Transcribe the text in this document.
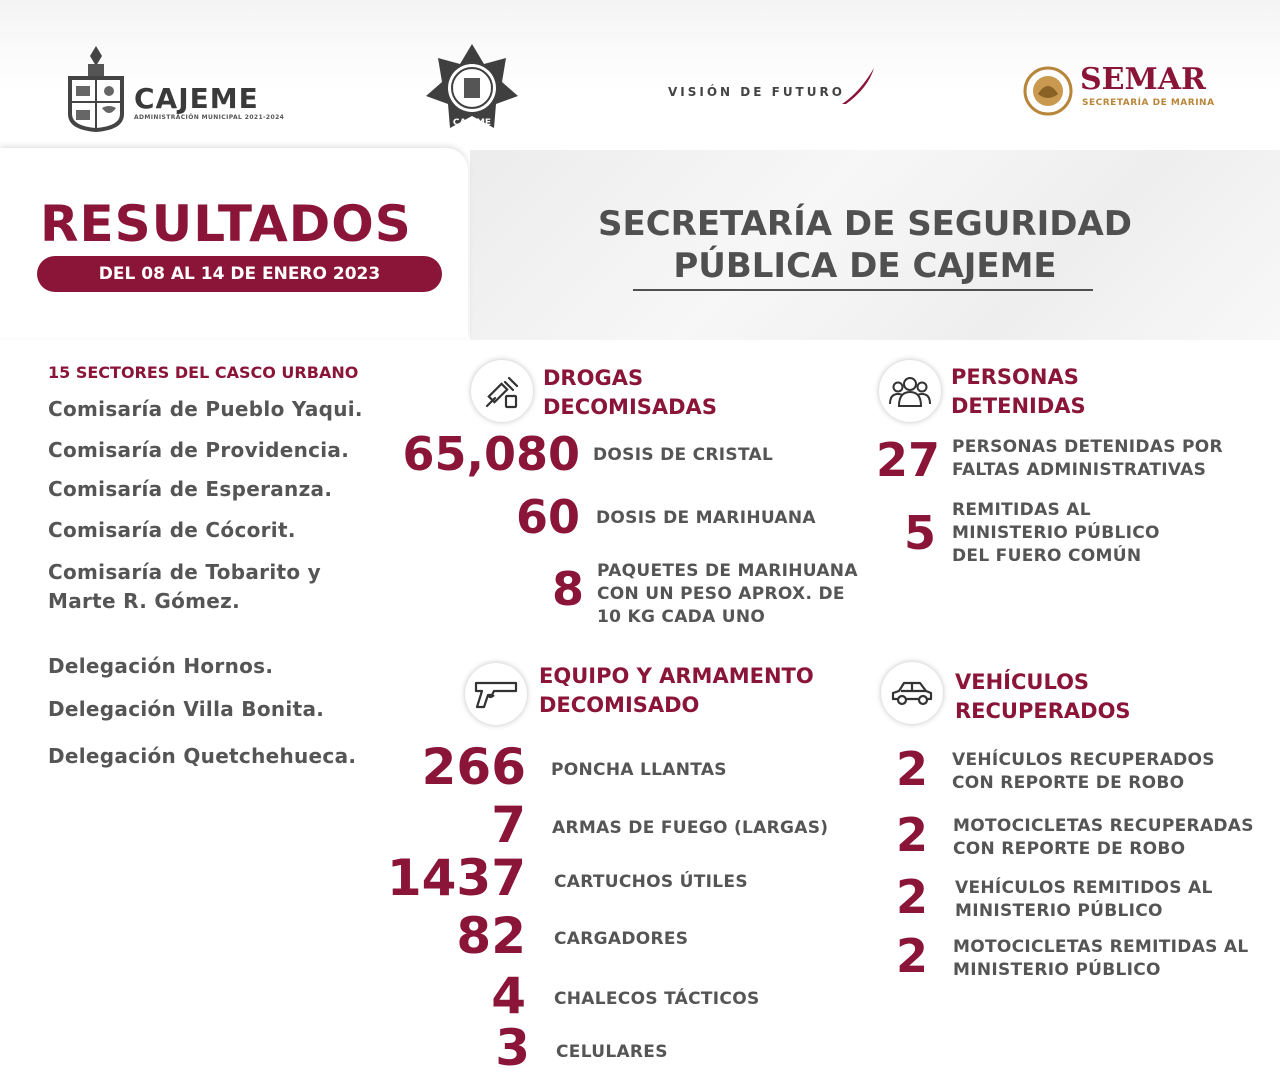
CAJEME
ADMINISTRACIÓN MUNICIPAL 2021-2024
CAJEME
VISIÓN DE FUTURO	SEMAR
SECRETARÍA DE MARINA
RESULTADOS
DEL 08 AL 14 DE ENERO 2023
SECRETARÍA DE SEGURIDAD
PÚBLICA DE CAJEME
15 SECTORES DEL CASCO URBANO
Comisaría de Pueblo Yaqui.
Comisaría de Providencia.
Comisaría de Esperanza.
Comisaría de Cócorit.
Comisaría de Tobarito y
Marte R. Gómez.
Delegación Hornos.
Delegación Villa Bonita.
Delegación Quetchehueca.
DROGAS
DECOMISADAS
65,080 DOSIS DE CRISTAL
60 DOSIS DE MARIHUANA
8 PAQUETES DE MARIHUANA
CON UN PESO APROX. DE
10 KG CADA UNO
PERSONAS
DETENIDAS
27 PERSONAS DETENIDAS POR
FALTAS ADMINISTRATIVAS
5 REMITIDAS AL
MINISTERIO PÚBLICO
DEL FUERO COMÚN
EQUIPO Y ARMAMENTO
DECOMISADO
266 PONCHA LLANTAS
7 ARMAS DE FUEGO (LARGAS)
1437 CARTUCHOS ÚTILES
82 CARGADORES
4 CHALECOS TÁCTICOS
3 CELULARES
VEHÍCULOS
RECUPERADOS
2 VEHÍCULOS RECUPERADOS
CON REPORTE DE ROBO
2 MOTOCICLETAS RECUPERADAS
CON REPORTE DE ROBO
2 VEHÍCULOS REMITIDOS AL
MINISTERIO PÚBLICO
2 MOTOCICLETAS REMITIDAS AL
MINISTERIO PÚBLICO
